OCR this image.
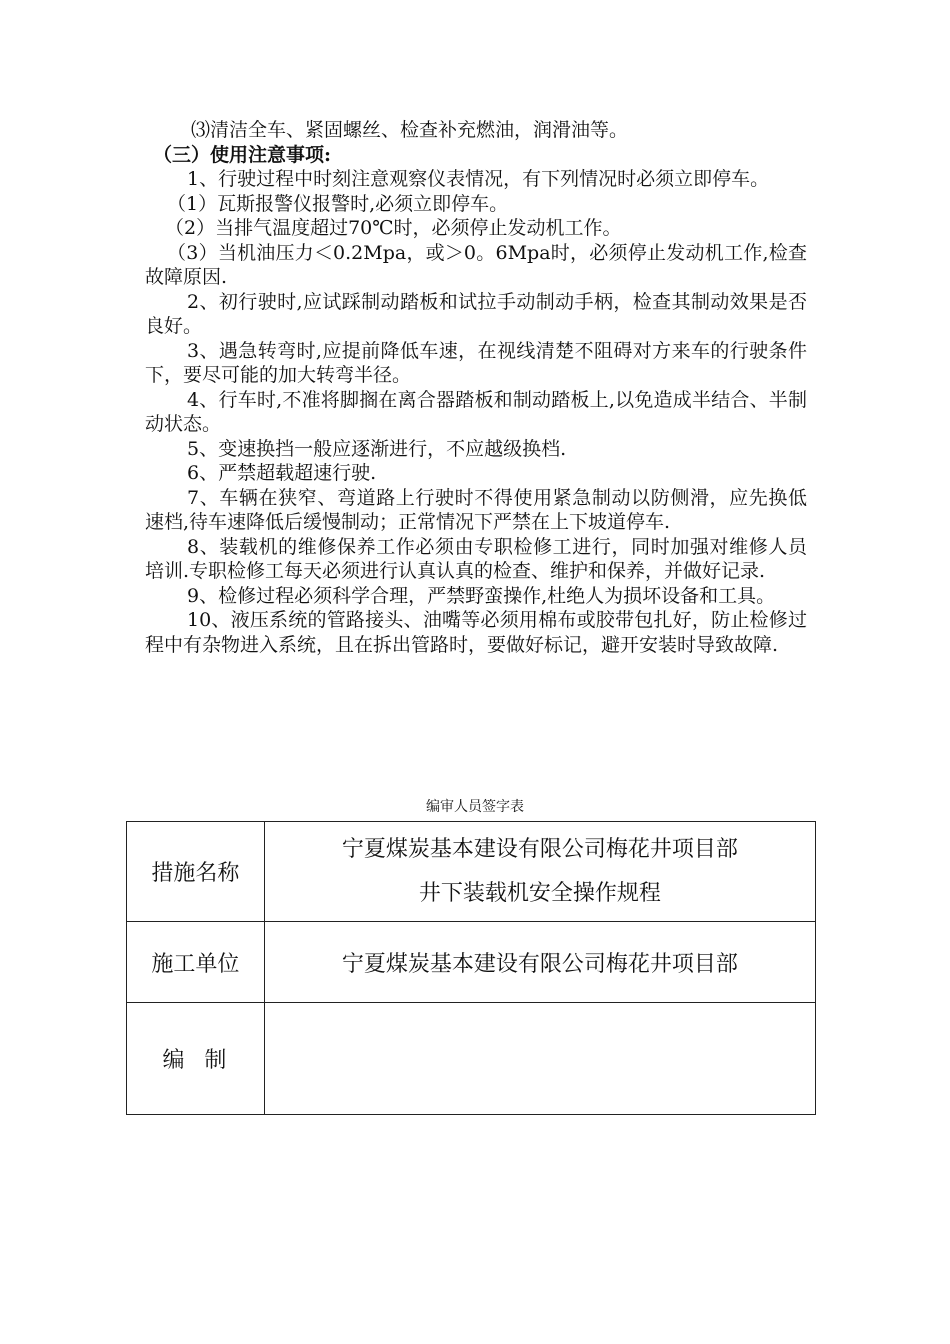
⑶清洁全车、紧固螺丝、检查补充燃油，润滑油等。

（三）使用注意事项:

1、行驶过程中时刻注意观察仪表情况，有下列情况时必须立即停车。

（1）瓦斯报警仪报警时,必须立即停车。

（2）当排气温度超过70℃时，必须停止发动机工作。

（3）当机油压力＜0.2Mpa，或＞0。6Mpa时，必须停止发动机工作,检查故障原因.

2、初行驶时,应试踩制动踏板和试拉手动制动手柄，检查其制动效果是否良好。

3、遇急转弯时,应提前降低车速，在视线清楚不阻碍对方来车的行驶条件下，要尽可能的加大转弯半径。

4、行车时,不准将脚搁在离合器踏板和制动踏板上,以免造成半结合、半制动状态。

5、变速换挡一般应逐渐进行，不应越级换档.

6、严禁超载超速行驶.

7、车辆在狭窄、弯道路上行驶时不得使用紧急制动以防侧滑，应先换低速档,待车速降低后缓慢制动；正常情况下严禁在上下坡道停车.

8、装载机的维修保养工作必须由专职检修工进行，同时加强对维修人员培训.专职检修工每天必须进行认真认真的检查、维护和保养，并做好记录.

9、检修过程必须科学合理，严禁野蛮操作,杜绝人为损坏设备和工具。

10、液压系统的管路接头、油嘴等必须用棉布或胶带包扎好，防止检修过程中有杂物进入系统，且在拆出管路时，要做好标记，避开安装时导致故障.

编审人员签字表
措施名称	宁夏煤炭基本建设有限公司梅花井项目部
井下装载机安全操作规程

施工单位	宁夏煤炭基本建设有限公司梅花井项目部
编  制	
